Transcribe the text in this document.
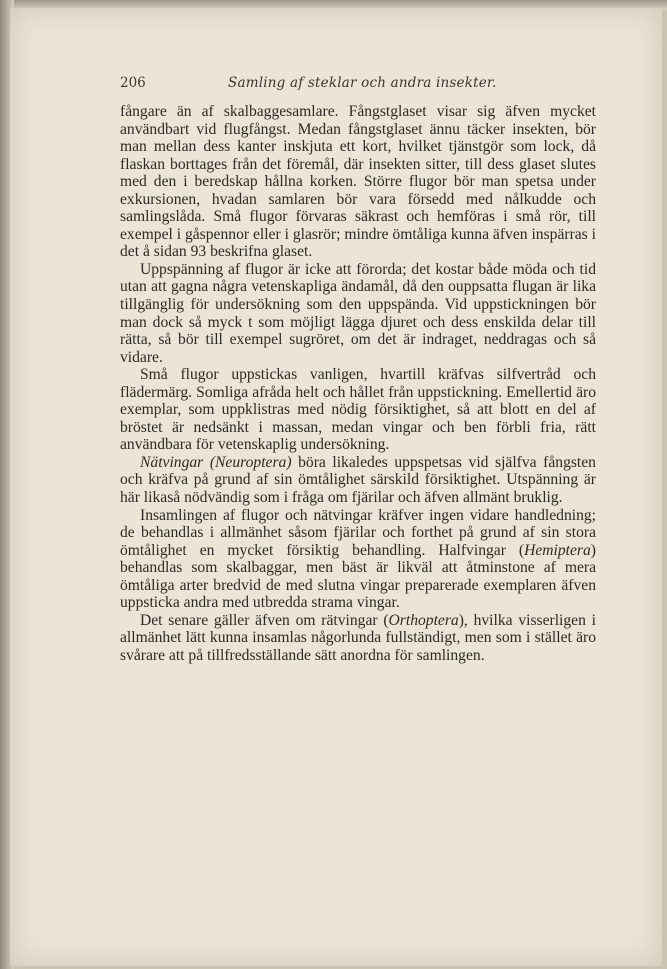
206	Samling af steklar och andra insekter.

fångare än af skalbaggesamlare. Fångstglaset visar sig äfven mycket användbart vid flugfångst. Medan fångstglaset ännu täcker insekten, bör man mellan dess kanter inskjuta ett kort, hvilket tjänstgör som lock, då flaskan borttages från det föremål, där insekten sitter, till dess glaset slutes med den i beredskap hållna korken. Större flugor bör man spetsa under exkursionen, hvadan samlaren bör vara försedd med nålkudde och samlingslåda. Små flugor förvaras säkrast och hemföras i små rör, till exempel i gåspennor eller i glasrör; mindre ömtåliga kunna äfven inspärras i det å sidan 93 beskrifna glaset.

Uppspänning af flugor är icke att förorda; det kostar både möda och tid utan att gagna några vetenskapliga ändamål, då den ouppsatta flugan är lika tillgänglig för undersökning som den uppspända. Vid uppstickningen bör man dock så myck t som möjligt lägga djuret och dess enskilda delar till rätta, så bör till exempel sugröret, om det är indraget, neddragas och så vidare.

Små flugor uppstickas vanligen, hvartill kräfvas silfvertråd och flädermärg. Somliga afråda helt och hållet från uppstickning. Emellertid äro exemplar, som uppklistras med nödig försiktighet, så att blott en del af bröstet är nedsänkt i massan, medan vingar och ben förbli fria, rätt användbara för vetenskaplig undersökning.

Nätvingar (Neuroptera) böra likaledes uppspetsas vid själfva fångsten och kräfva på grund af sin ömtålighet särskild försiktighet. Utspänning är här likaså nödvändig som i fråga om fjärilar och äfven allmänt bruklig.

Insamlingen af flugor och nätvingar kräfver ingen vidare handledning; de behandlas i allmänhet såsom fjärilar och forthet på grund af sin stora ömtålighet en mycket försiktig behandling. Halfvingar (Hemiptera) behandlas som skalbaggar, men bäst är likväl att åtminstone af mera ömtåliga arter bredvid de med slutna vingar preparerade exemplaren äfven uppsticka andra med utbredda strama vingar.

Det senare gäller äfven om rätvingar (Orthoptera), hvilka visserligen i allmänhet lätt kunna insamlas någorlunda fullständigt, men som i stället äro svårare att på tillfredsställande sätt anordna för samlingen.
